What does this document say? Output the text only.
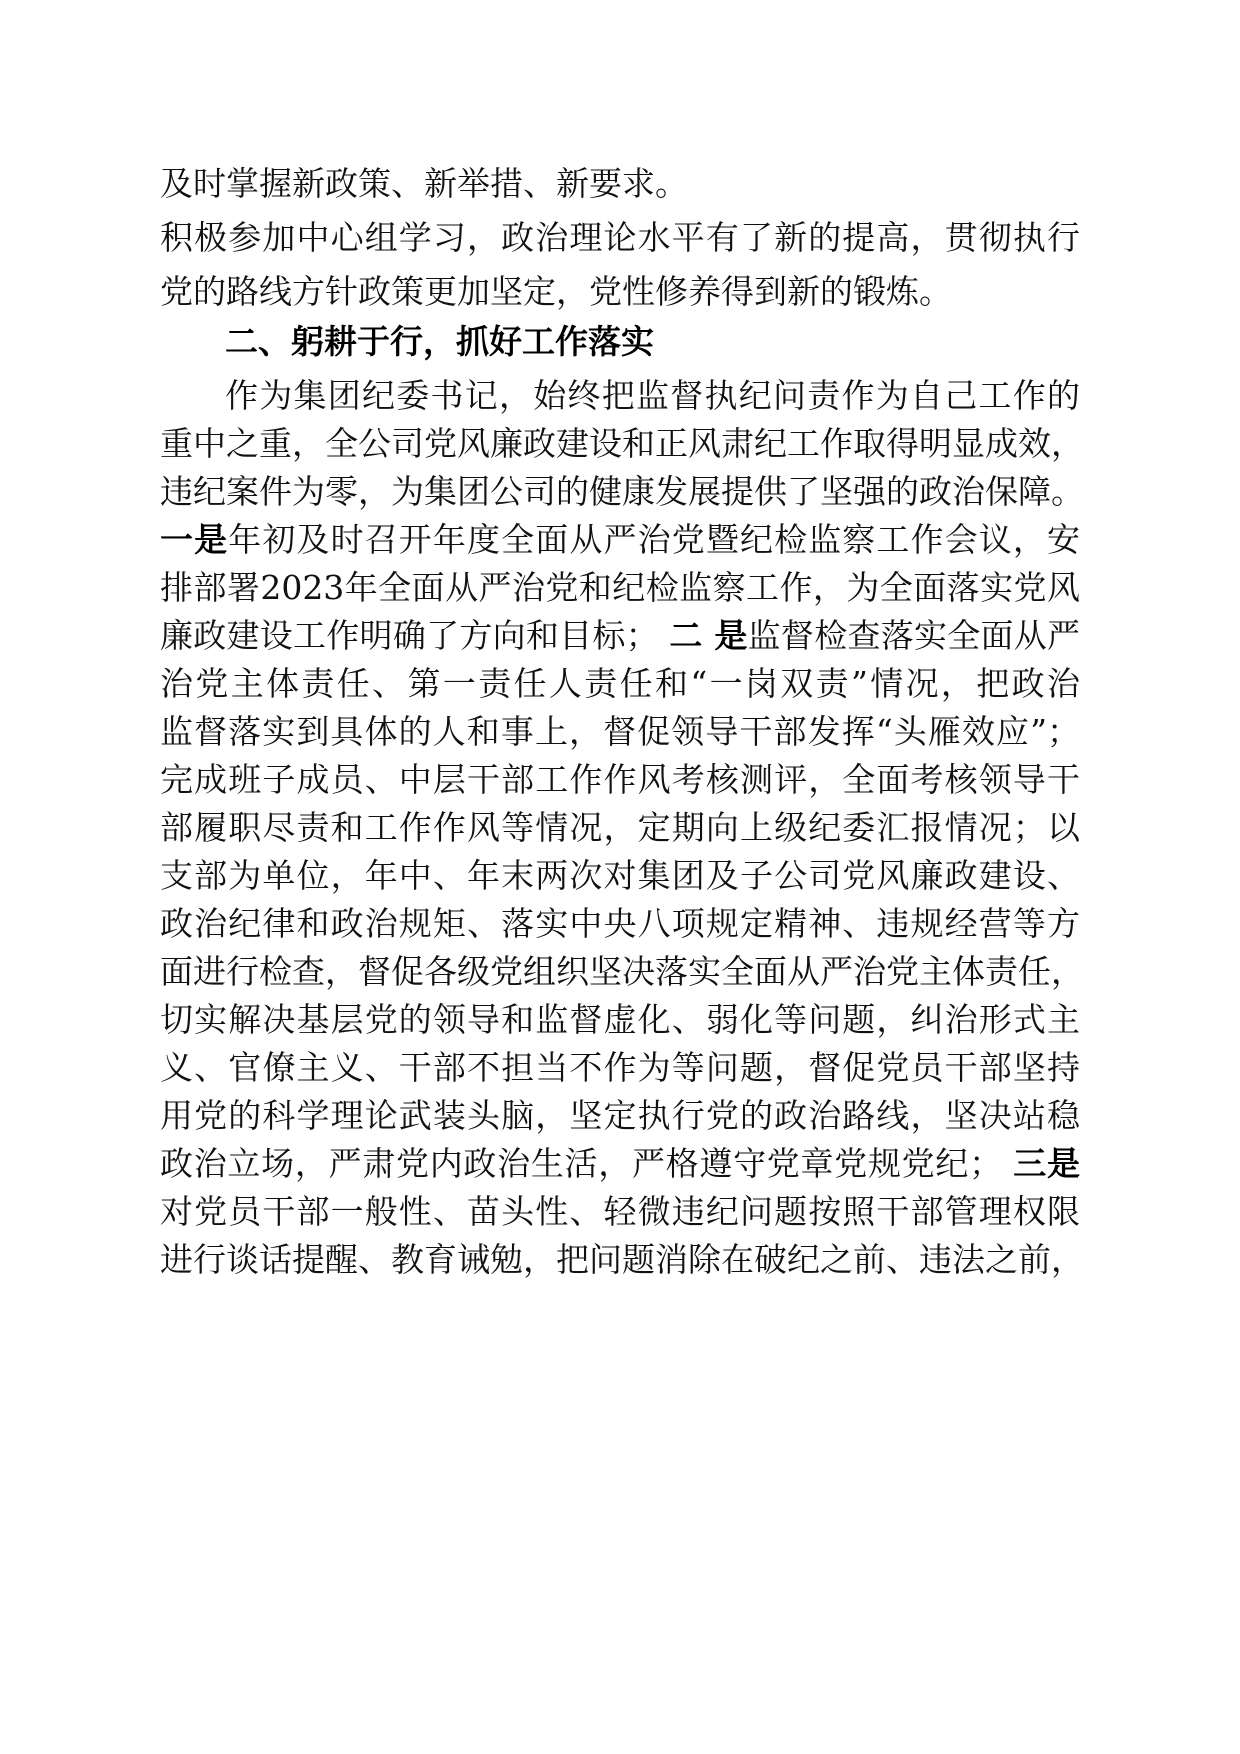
及时掌握新政策、新举措、新要求。
积极参加中心组学习，政治理论水平有了新的提高，贯彻执行
党的路线方针政策更加坚定，党性修养得到新的锻炼。
二、躬耕于行，抓好工作落实
作为集团纪委书记，始终把监督执纪问责作为自己工作的
重中之重，全公司党风廉政建设和正风肃纪工作取得明显成效，
违纪案件为零，为集团公司的健康发展提供了坚强的政治保障。
一是年初及时召开年度全面从严治党暨纪检监察工作会议，安
排部署2023年全面从严治党和纪检监察工作，为全面落实党风
廉政建设工作明确了方向和目标； 二 是监督检查落实全面从严
治党主体责任、第一责任人责任和“一岗双责”情况，把政治
监督落实到具体的人和事上，督促领导干部发挥“头雁效应”；
完成班子成员、中层干部工作作风考核测评，全面考核领导干
部履职尽责和工作作风等情况，定期向上级纪委汇报情况；以
支部为单位，年中、年末两次对集团及子公司党风廉政建设、
政治纪律和政治规矩、落实中央八项规定精神、违规经营等方
面进行检查，督促各级党组织坚决落实全面从严治党主体责任，
切实解决基层党的领导和监督虚化、弱化等问题，纠治形式主
义、官僚主义、干部不担当不作为等问题，督促党员干部坚持
用党的科学理论武装头脑，坚定执行党的政治路线，坚决站稳
政治立场，严肃党内政治生活，严格遵守党章党规党纪； 三是
对党员干部一般性、苗头性、轻微违纪问题按照干部管理权限
进行谈话提醒、教育诫勉，把问题消除在破纪之前、违法之前，
